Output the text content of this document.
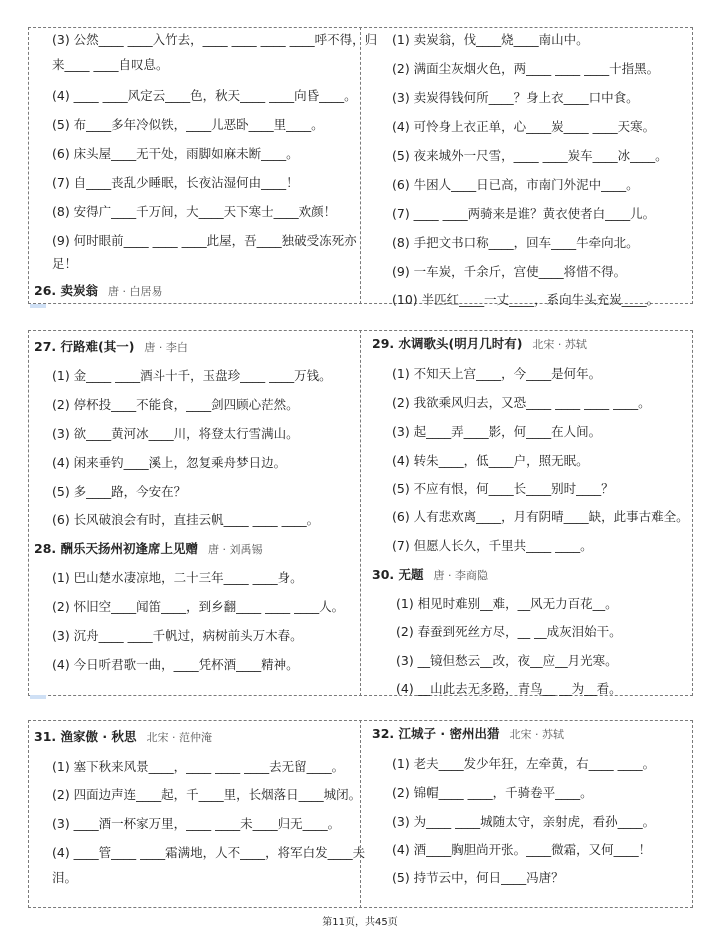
(3) 公然____ ____入竹去，____ ____ ____ ____呼不得，归
来____ ____自叹息。
(4) ____ ____风定云____色，秋天____ ____向昏____。
(5) 布____多年冷似铁，____儿恶卧____里____。
(6) 床头屋____无干处，雨脚如麻未断____。
(7) 自____丧乱少睡眠，长夜沾湿何由____！
(8) 安得广____千万间，大____天下寒士____欢颜！
(9) 何时眼前____ ____ ____此屋，吾____独破受冻死亦
足！
26. 卖炭翁 唐 · 白居易
(1) 卖炭翁，伐____烧____南山中。
(2) 满面尘灰烟火色，两____ ____ ____十指黑。
(3) 卖炭得钱何所____？身上衣____口中食。
(4) 可怜身上衣正单，心____炭____ ____天寒。
(5) 夜来城外一尺雪，____ ____炭车____冰____。
(6) 牛困人____日已高，市南门外泥中____。
(7) ____ ____两骑来是谁？黄衣使者白____儿。
(8) 手把文书口称____，回车____牛牵向北。
(9) 一车炭，千余斤，宫使____将惜不得。
(10) 半匹红____一丈____，系向牛头充炭____。
27. 行路难(其一) 唐 · 李白
(1) 金____ ____酒斗十千，玉盘珍____ ____万钱。
(2) 停杯投____不能食，____剑四顾心茫然。
(3) 欲____黄河冰____川，将登太行雪满山。
(4) 闲来垂钓____溪上，忽复乘舟梦日边。
(5) 多____路，今安在？
(6) 长风破浪会有时，直挂云帆____ ____ ____。
28. 酬乐天扬州初逢席上见赠 唐 · 刘禹锡
(1) 巴山楚水凄凉地，二十三年____ ____身。
(2) 怀旧空____闻笛____，到乡翻____ ____ ____人。
(3) 沉舟____ ____千帆过，病树前头万木春。
(4) 今日听君歌一曲，____凭杯酒____精神。
29. 水调歌头(明月几时有) 北宋 · 苏轼
(1) 不知天上宫____，今____是何年。
(2) 我欲乘风归去，又恐____ ____ ____ ____。
(3) 起____弄____影，何____在人间。
(4) 转朱____，低____户，照无眠。
(5) 不应有恨，何____长____别时____？
(6) 人有悲欢离____，月有阴晴____缺，此事古难全。
(7) 但愿人长久，千里共____ ____。
30. 无题 唐 · 李商隐
(1) 相见时难别__难，__风无力百花__。
(2) 春蚕到死丝方尽，__ __成灰泪始干。
(3) __镜但愁云__改，夜__应__月光寒。
(4) __山此去无多路，青鸟__ __为__看。
31. 渔家傲 · 秋思 北宋 · 范仲淹
(1) 塞下秋来风景____，____ ____ ____去无留____。
(2) 四面边声连____起，千____里，长烟落日____城闭。
(3) ____酒一杯家万里，____ ____未____归无____。
(4) ____管____ ____霜满地，人不____，将军白发____夫
泪。
32. 江城子 · 密州出猎 北宋 · 苏轼
(1) 老夫____发少年狂，左牵黄，右____ ____。
(2) 锦帽____ ____，千骑卷平____。
(3) 为____ ____城随太守，亲射虎，看孙____。
(4) 酒____胸胆尚开张。____微霜，又何____！
(5) 持节云中，何日____冯唐？
第11页，共45页
